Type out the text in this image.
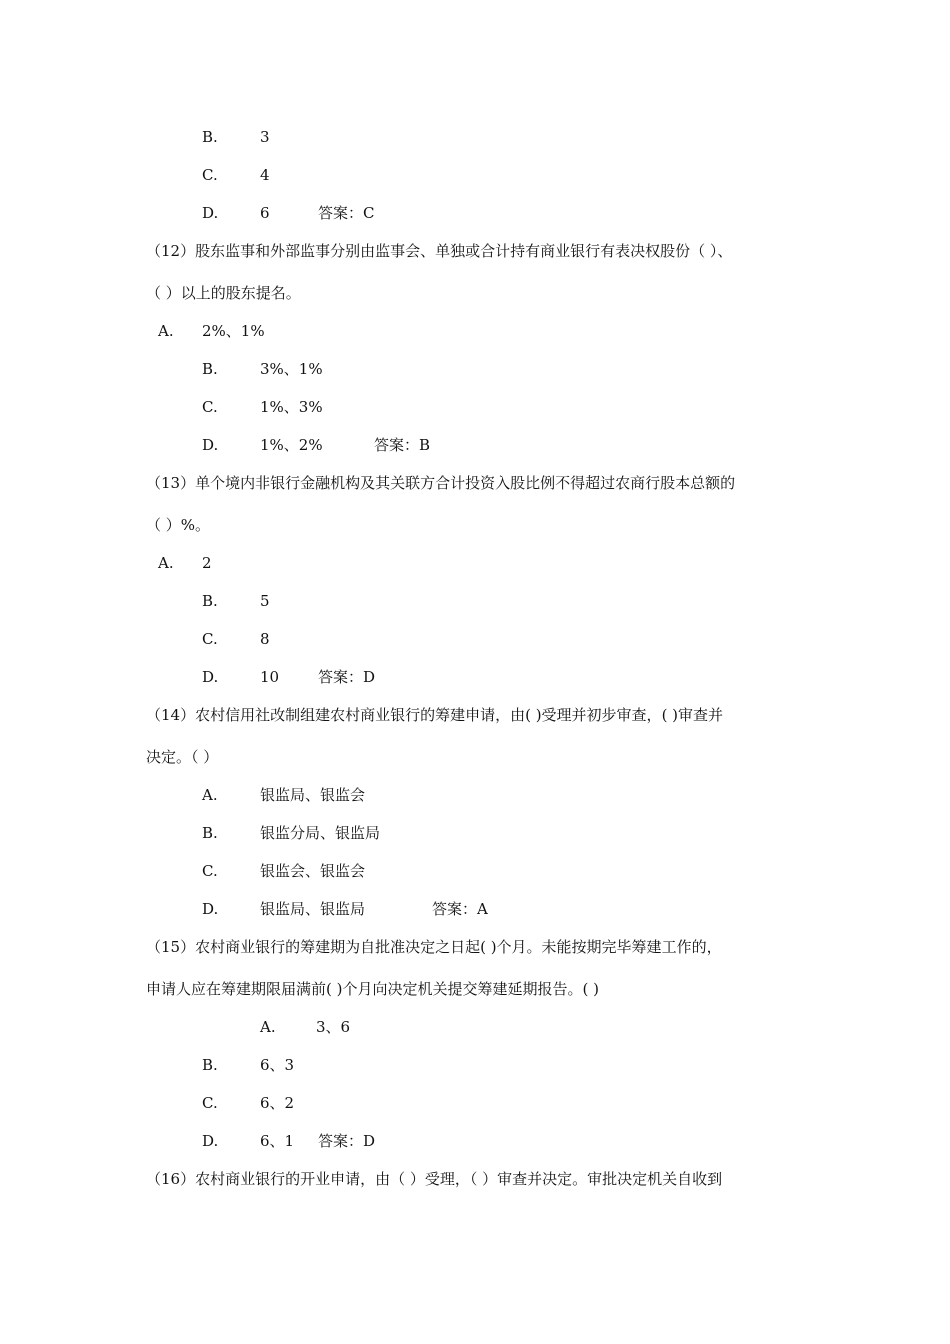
B.	3
C.	4
D.	6	答案：C
（12）股东监事和外部监事分别由监事会、单独或合计持有商业银行有表决权股份（ ）、
（ ）以上的股东提名。
A.	2%、1%
B.	3%、1%
C.	1%、3%
D.	1%、2%	答案：B
（13）单个境内非银行金融机构及其关联方合计投资入股比例不得超过农商行股本总额的
（ ）%。
A.	2
B.	5
C.	8
D.	10	答案：D
（14）农村信用社改制组建农村商业银行的筹建申请，由( )受理并初步审查，( )审查并
决定。（ ）
A.	银监局、银监会
B.	银监分局、银监局
C.	银监会、银监会
D.	银监局、银监局	答案：A
（15）农村商业银行的筹建期为自批准决定之日起( )个月。未能按期完毕筹建工作的，
申请人应在筹建期限届满前( )个月向决定机关提交筹建延期报告。( )
A.	3、6
B.	6、3
C.	6、2
D.	6、1 答案：D
（16）农村商业银行的开业申请，由（ ）受理，（ ）审查并决定。审批决定机关自收到
